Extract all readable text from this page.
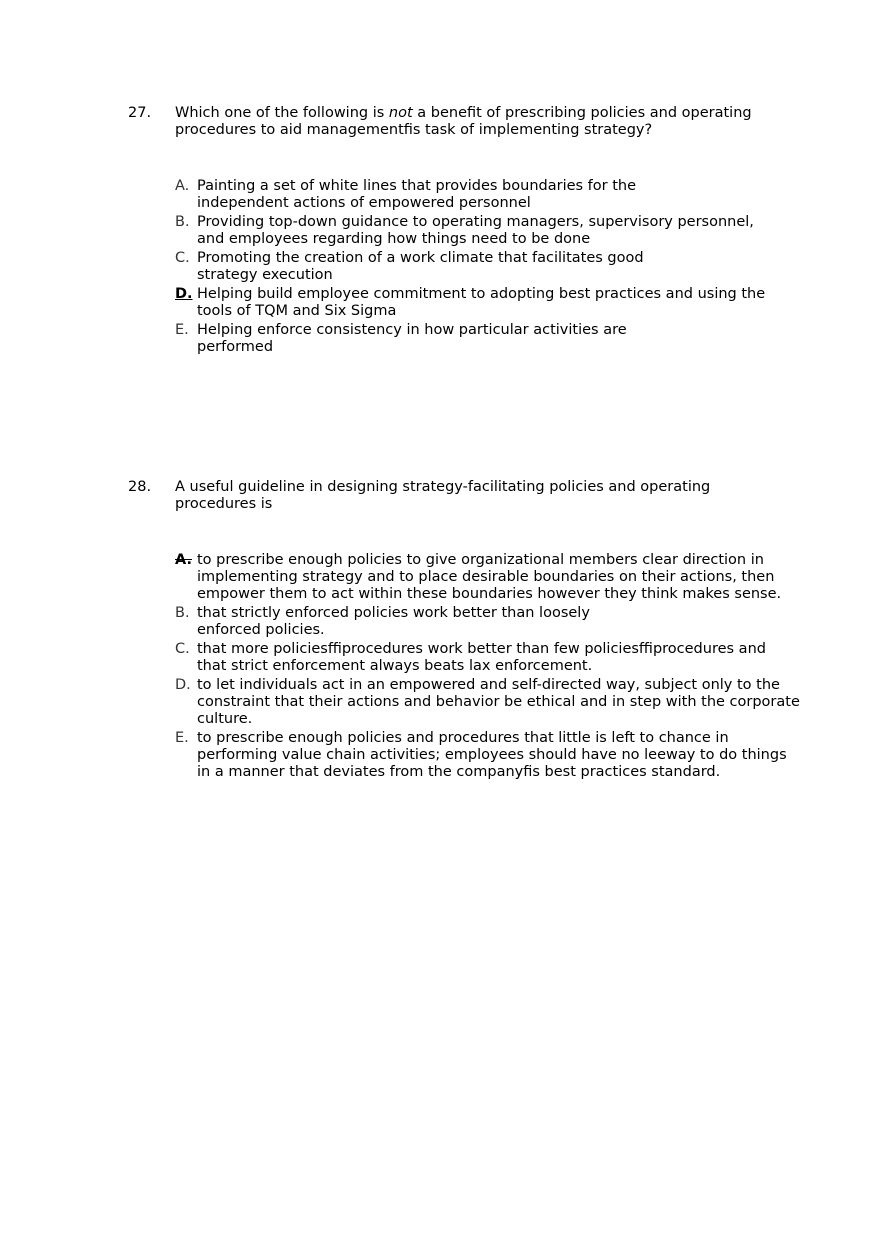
27. Which one of the following is not a benefit of prescribing policies and operating procedures to aid managementfis task of implementing strategy?
A. Painting a set of white lines that provides boundaries for the independent actions of empowered personnel
B. Providing top-down guidance to operating managers, supervisory personnel, and employees regarding how things need to be done
C. Promoting the creation of a work climate that facilitates good strategy execution
D. Helping build employee commitment to adopting best practices and using the tools of TQM and Six Sigma
E. Helping enforce consistency in how particular activities are performed
28. A useful guideline in designing strategy-facilitating policies and operating procedures is
A. to prescribe enough policies to give organizational members clear direction in implementing strategy and to place desirable boundaries on their actions, then empower them to act within these boundaries however they think makes sense.
B. that strictly enforced policies work better than loosely enforced policies.
C. that more policiesffiprocedures work better than few policiesffiprocedures and that strict enforcement always beats lax enforcement.
D. to let individuals act in an empowered and self-directed way, subject only to the constraint that their actions and behavior be ethical and in step with the corporate culture.
E. to prescribe enough policies and procedures that little is left to chance in performing value chain activities; employees should have no leeway to do things in a manner that deviates from the companyfis best practices standard.
